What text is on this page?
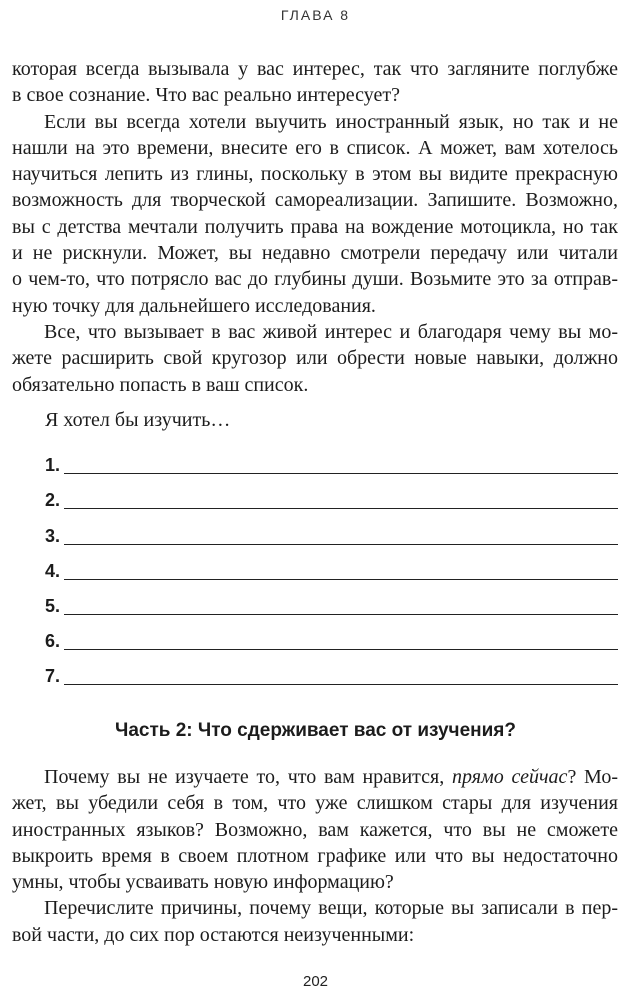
ГЛАВА 8

которая всегда вызывала у вас интерес, так что загляните поглубже
в свое сознание. Что вас реально интересует?

Если вы всегда хотели выучить иностранный язык, но так и не
нашли на это времени, внесите его в список. А может, вам хотелось
научиться лепить из глины, поскольку в этом вы видите прекрасную
возможность для творческой самореализации. Запишите. Возможно,
вы с детства мечтали получить права на вождение мотоцикла, но так
и не рискнули. Может, вы недавно смотрели передачу или читали
о чем-то, что потрясло вас до глубины души. Возьмите это за отправ-
ную точку для дальнейшего исследования.

Все, что вызывает в вас живой интерес и благодаря чему вы мо-
жете расширить свой кругозор или обрести новые навыки, должно
обязательно попасть в ваш список.

Я хотел бы изучить…
1.
2.
3.
4.
5.
6.
7.
Часть 2: Что сдерживает вас от изучения?

Почему вы не изучаете то, что вам нравится, прямо сейчас? Мо-
жет, вы убедили себя в том, что уже слишком стары для изучения
иностранных языков? Возможно, вам кажется, что вы не сможете
выкроить время в своем плотном графике или что вы недостаточно
умны, чтобы усваивать новую информацию?

Перечислите причины, почему вещи, которые вы записали в пер-
вой части, до сих пор остаются неизученными:

202
